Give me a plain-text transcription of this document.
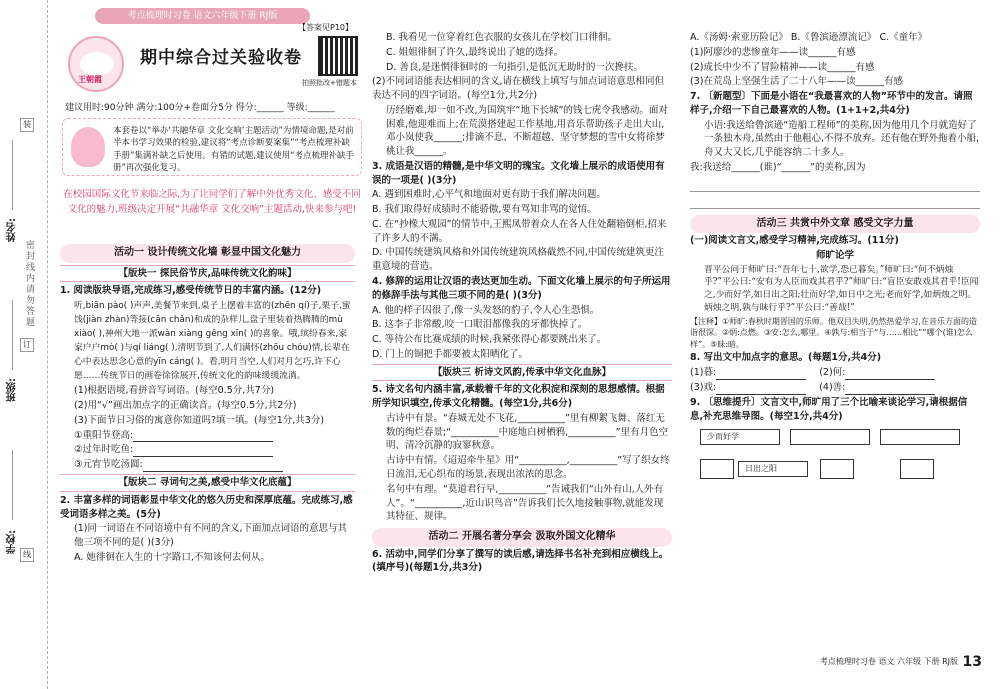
姓名:
班级:
学校:
密封线内请勿答题
装
订
线
考点梳理时习卷 语文六年级下册 RJ版
【答案见P10】
王朝霞
期中综合过关验收卷
拍照批改+错题本
建议用时:90分钟 满分:100分+卷面分5分 得分:______ 等级:______
本套卷以“举办‘共融华章 文化交响’主题活动”为情境命题,是对前半本书学习效果的检验,建议将“考点诊断要案集”“考点梳理补缺手册”集满补缺之后使用。有错的试题,建议使用“考点梳理补缺手册”再次强化复习。
在校园国际文化节来临之际,为了让同学们了解中外优秀文化、感受不同文化的魅力,班级决定开展“共融华章 文化交响”主题活动,快来参与吧!
活动一 设计传统文化墙 彰显中国文化魅力
【版块一 探民俗节庆,品味传统文化韵味】
1. 阅读版块导语,完成练习,感受传统节日的丰富内涵。(12分)
听,biān pào( )声声,美餐节来到,桌子上摆着丰富的(zhēn qí)子,栗子,蜜饯(jiàn zhàn)等接(cān chǎn)和成的杂样儿,盘子里装着热腾腾的mù xiào( ),神州大地一派wàn xiàng gēng xīn( )的喜象。哦,缤纷春来,家家户户mò( )与qí liáng( ),清明节到了,人们满怀(zhōu chóu)情,长辈在心中表达思念心意的yīn cáng( )。看,明月当空,人们对月乞巧,许下心愿……传统节日的画卷徐徐展开,传统文化的韵味缓缓流淌。
(1)根据语境,看拼音写词语。(每空0.5分,共7分)
(2)用“√”画出加点字的正确读音。(每空0.5分,共2分)
(3)下面节日习俗的寓意你知道吗?填一填。(每空1分,共3分)
①重阳节登高:
②过年时吃鱼:
③元宵节吃汤圆:
【版块二 寻词句之美,感受中华文化底蕴】
2. 丰富多样的词语彰显中华文化的悠久历史和深厚底蕴。完成练习,感受词语多样之美。(5分)
(1)同一词语在不同语境中有不同的含义,下面加点词语的意思与其他三项不同的是( )(3分)
A. 她徘徊在人生的十字路口,不知该何去何从。
B. 我看见一位穿着红色衣服的女孩儿在学校门口徘徊。
C. 姐姐徘徊了许久,最终说出了她的选择。
D. 善良,是迷惘徘徊时的一句指引,是低沉无助时的一次搀扶。
(2)不同词语能表达相同的含义,请在横线上填写与加点词语意思相同但表达不同的四字词语。(每空1分,共2分)
历经磨难,却一如不改,为国筑牢“地下长城”的钱七虎令我感动。面对困难,他迎难而上;在荒漠搭建起工作基地,用音乐帮助孩子走出大山,邓小岚使我______;排滴不息、不断超越、坚守梦想的雪中女将徐梦桃让我______。
3. 成语是汉语的精髓,是中华文明的瑰宝。文化墙上展示的成语使用有误的一项是( )(3分)
A. 遇到困难时,心平气和地面对更有助于我们解决问题。
B. 我们取得好成绩时不能骄傲,要有骂知非骂的觉悟。
C. 在“抄橡大观园”的情节中,王熙凤带着众人在各人住处翻箱倒柜,招来了许多人的不满。
D. 中国传统建筑风格和外国传统建筑风格截然不同,中国传统建筑更注重意境的营造。
4. 修辞的运用让汉语的表达更加生动。下面文化墙上展示的句子所运用的修辞手法与其他三项不同的是( )(3分)
A. 他的样子囚很了,像一头发怒的豹子,令人心生恐惧。
B. 这李子非常酸,咬一口眼泪都像我的牙都快掉了。
C. 等待公布比赛成绩的时候,我紧张得心都要跳出来了。
D. 门上的铜把手都要被太阳晒化了。
【版块三 析诗文风韵,传承中华文化血脉】
5. 诗文名句内涵丰富,承载着千年的文化积淀和深刻的思想感情。根据所学知识填空,传承文化精髓。(每空1分,共6分)
古诗中有景。“春城无处不飞花,__________”里有柳絮飞舞、落红无数的绚烂春景;“__________中庭地白树栖鸦,__________”里有月色空明、清冷沉静的寂寥秋意。
古诗中有情。《迢迢牵牛星》用“__________,__________”写了织女终日流泪,无心织布的场景,表现出浓浓的思念。
名句中有理。“莫道君行早,__________”告诫我们“山外有山,人外有人”。“__________,近山识鸟音”告诉我们长久地接触事物,就能发现其特征、规律。
活动二 开展名著分享会 汲取外国文化精华
6. 活动中,同学们分享了撰写的读后感,请选择书名补充到相应横线上。(填序号)(每题1分,共3分)
A.《汤姆·索亚历险记》 B.《鲁滨逊漂流记》 C.《童年》
(1)阿廖沙的悲惨童年——读______有感
(2)成长中少不了冒险精神——读______有感
(3)在荒岛上坚强生活了二十八年——读______有感
7. 〔新题型〕下面是小语在“我最喜欢的人物”环节中的发言。请照样子,介绍一下自己最喜欢的人物。(1+1+2,共4分)
小语:我送给鲁滨逊“造船工程师”的美称,因为他用几个月就造好了一条独木舟,虽然由于他粗心,不得不放弃。还有他在野外拖着小船,舟又大又长,几乎能容纳二十多人。
我:我送给______(谁)“______”的美称,因为
活动三 共赏中外文章 感受文字力量
(一)阅读文言文,感受学习精神,完成练习。(11分)
师旷论学
晋平公问于师旷曰:“吾年七十,欲学,恐已暮矣。”师旷曰:“何不炳烛乎?”平公曰:“安有为人臣而戏其君乎?”师旷曰:“盲臣安敢戏其君乎!臣闻之,少而好学,如日出之阳;壮而好学,如日中之光;老而好学,如炳烛之明。炳烛之明,孰与昧行乎?”平公曰:“善哉!”
【注释】①师旷:春秋时期晋国的乐师。他双目失明,仍然热爱学习,在音乐方面的造诣很深。②炳:点燃。③安:怎么,哪里。④孰与:相当于“与……相比”“哪个(谁)怎么样”。⑤昧:暗。
8. 写出文中加点字的意思。(每题1分,共4分)
(1)暮:	(2)何:
(3)戏:	(4)善:
9. 〔思维提升〕文言文中,师旷用了三个比喻来谈论学习,请根据信息,补充思维导图。(每空1分,共4分)
少而好学
日出之阳
考点梳理时习卷 语文 六年级 下册 RJ版 13
